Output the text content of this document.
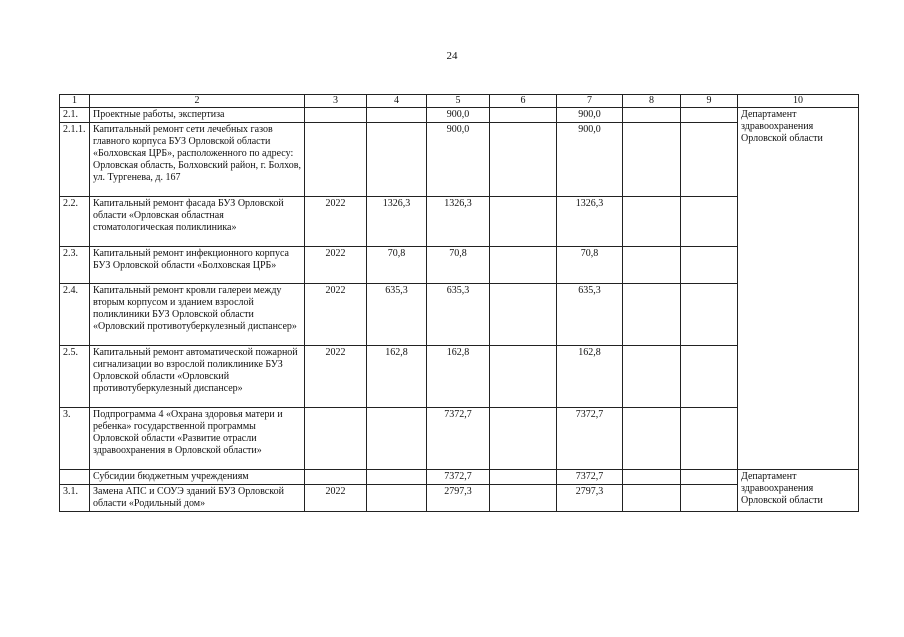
24
1	2	3	4	5	6	7	8	9	10
2.1.	Проектные работы, экспертиза			900,0		900,0			Департамент здравоохранения Орловской области
2.1.1.	Капитальный ремонт сети лечебных газов главного корпуса БУЗ Орловской области «Болховская ЦРБ», расположенного по адресу: Орловская область, Болховский район, г. Болхов, ул. Тургенева, д. 167			900,0		900,0			
2.2.	Капитальный ремонт фасада БУЗ Орловской области «Орловская областная стоматологическая поликлиника»	2022	1326,3	1326,3		1326,3			
2.3.	Капитальный ремонт инфекционного корпуса БУЗ Орловской области «Болховская ЦРБ»	2022	70,8	70,8		70,8			
2.4.	Капитальный ремонт кровли галереи между вторым корпусом и зданием взрослой поликлиники БУЗ Орловской области «Орловский противотуберкулезный диспансер»	2022	635,3	635,3		635,3			
2.5.	Капитальный ремонт автоматической пожарной сигнализации во взрослой поликлинике БУЗ Орловской области «Орловский противотуберкулезный диспансер»	2022	162,8	162,8		162,8			
3.	Подпрограмма 4 «Охрана здоровья матери и ребенка» государственной программы Орловской области «Развитие отрасли здравоохранения в Орловской области»			7372,7		7372,7			
	Субсидии бюджетным учреждениям			7372,7		7372,7			Департамент здравоохранения Орловской области
3.1.	Замена АПС и СОУЭ зданий БУЗ Орловской области «Родильный дом»	2022		2797,3		2797,3			
